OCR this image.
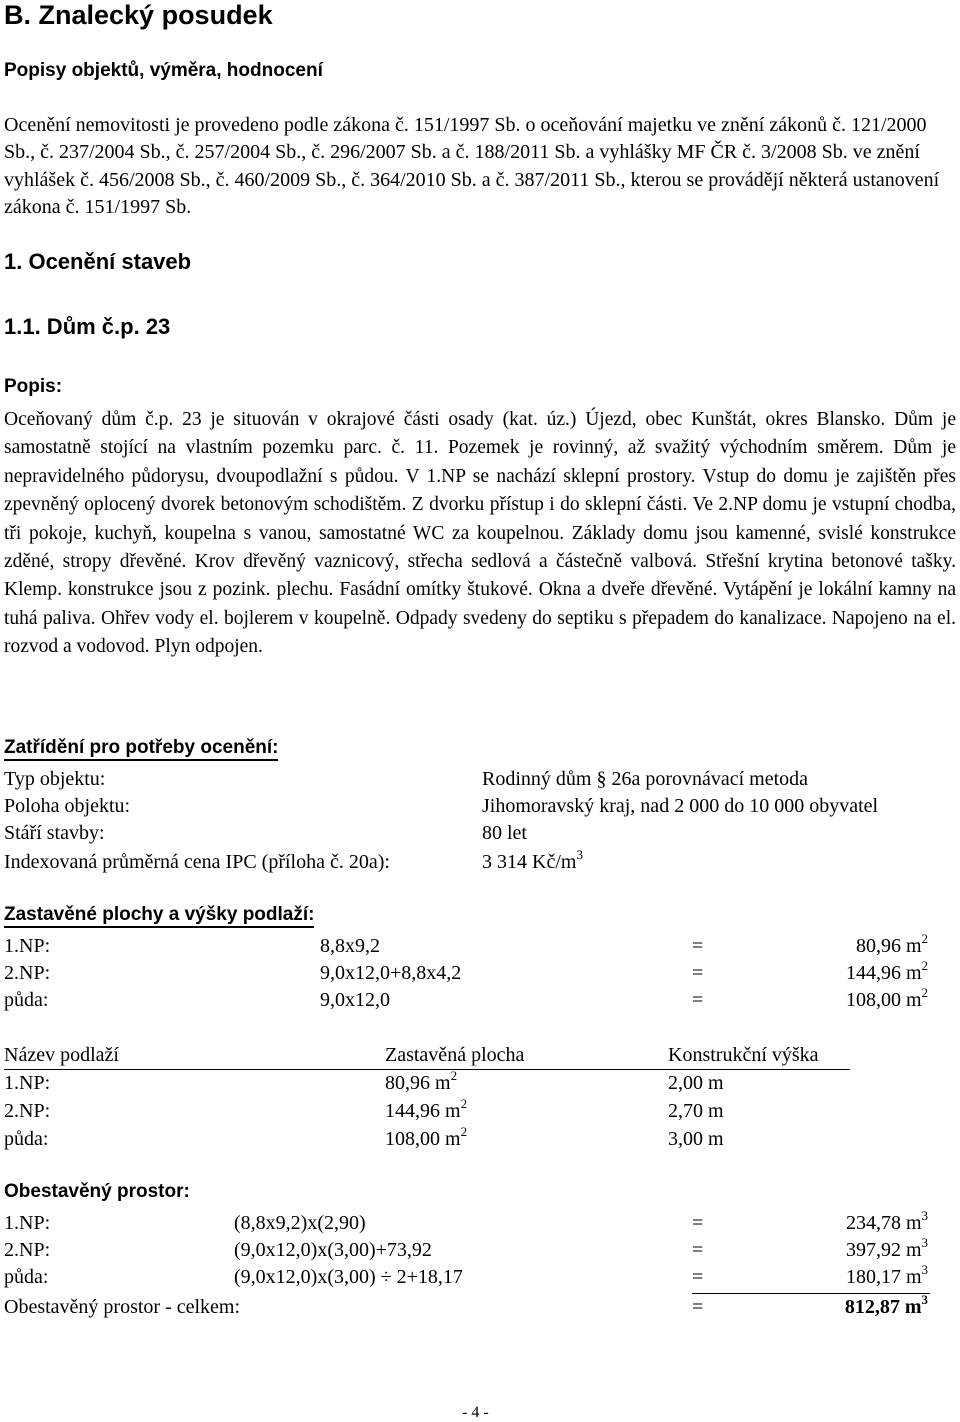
B. Znalecký posudek
Popisy objektů, výměra, hodnocení
Ocenění nemovitosti je provedeno podle zákona č. 151/1997 Sb. o oceňování majetku ve znění zákonů č. 121/2000 Sb., č. 237/2004 Sb., č. 257/2004 Sb., č. 296/2007 Sb. a č. 188/2011 Sb. a vyhlášky MF ČR č. 3/2008 Sb. ve znění vyhlášek č. 456/2008 Sb., č. 460/2009 Sb., č. 364/2010 Sb. a č. 387/2011 Sb., kterou se provádějí některá ustanovení zákona č. 151/1997 Sb.
1. Ocenění staveb
1.1. Dům č.p. 23
Popis:
Oceňovaný dům č.p. 23 je situován v okrajové části osady (kat. úz.) Újezd, obec Kunštát, okres Blansko. Dům je samostatně stojící na vlastním pozemku parc. č. 11. Pozemek je rovinný, až svažitý východním směrem. Dům je nepravidelného půdorysu, dvoupodlažní s půdou. V 1.NP se nachází sklepní prostory. Vstup do domu je zajištěn přes zpevněný oplocený dvorek betonovým schodištěm. Z dvorku přístup i do sklepní části. Ve 2.NP domu je vstupní chodba, tři pokoje, kuchyň, koupelna s vanou, samostatné WC za koupelnou. Základy domu jsou kamenné, svislé konstrukce zděné, stropy dřevěné. Krov dřevěný vaznicový, střecha sedlová a částečně valbová. Střešní krytina betonové tašky. Klemp. konstrukce jsou z pozink. plechu. Fasádní omítky štukové. Okna a dveře dřevěné. Vytápění je lokální kamny na tuhá paliva. Ohřev vody el. bojlerem v koupelně. Odpady svedeny do septiku s přepadem do kanalizace. Napojeno na el. rozvod a vodovod. Plyn odpojen.
Zatřídění pro potřeby ocenění:
Typ objektu:	Rodinný dům § 26a porovnávací metoda
Poloha objektu:	Jihomoravský kraj, nad 2 000 do 10 000 obyvatel
Stáří stavby:	80 let
Indexovaná průměrná cena IPC (příloha č. 20a):	3 314 $Kč/m^3$
Zastavěné plochy a výšky podlaží:
1.NP:	8,8x9,2	=	80,96 $m^2$
2.NP:	9,0x12,0+8,8x4,2	=	144,96 $m^2$
půda:	9,0x12,0	=	108,00 $m^2$
Název podlaží	Zastavěná plocha	Konstrukční výška
1.NP:	80,96 $m^2$	2,00 m
2.NP:	144,96 $m^2$	2,70 m
půda:	108,00 $m^2$	3,00 m
Obestavěný prostor:
1.NP:	(8,8x9,2)x(2,90)	=	234,78 $m^3$
2.NP:	(9,0x12,0)x(3,00)+73,92	=	397,92 $m^3$
půda:	(9,0x12,0)x(3,00) ÷ 2+18,17	=	180,17 $m^3$
Obestavěný prostor - celkem:	=	812,87 $m^3$
- 4 -
